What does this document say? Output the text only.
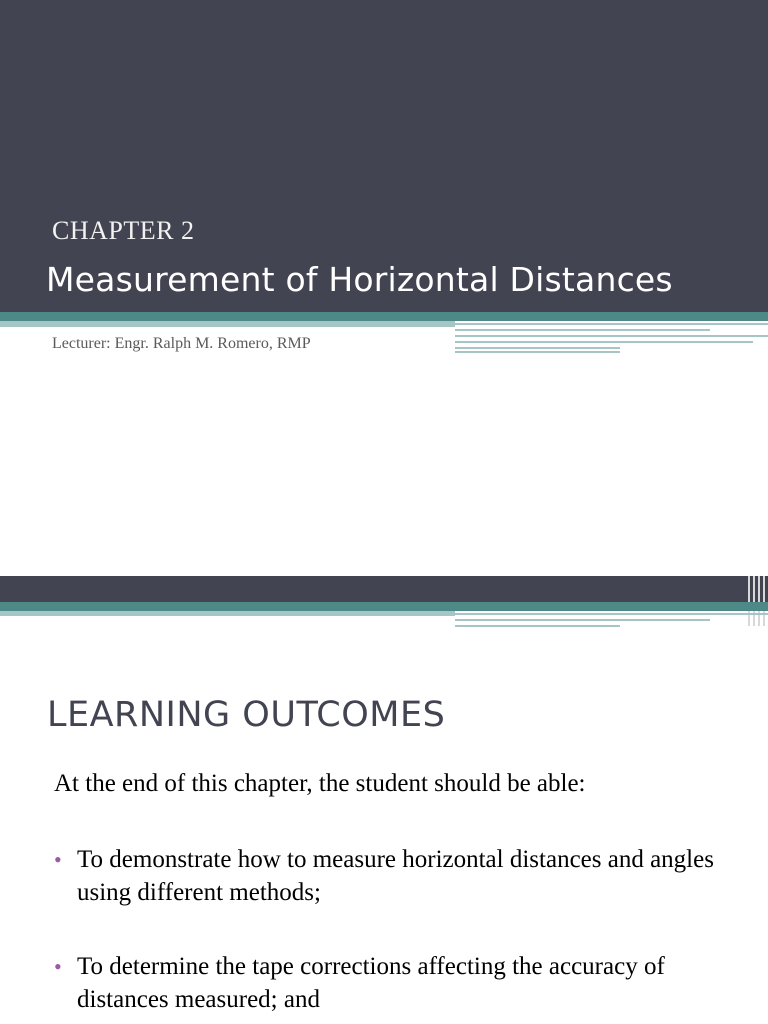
CHAPTER 2
Measurement of Horizontal Distances
Lecturer: Engr. Ralph M. Romero, RMP
LEARNING OUTCOMES
At the end of this chapter, the student should be able:
• To demonstrate how to measure horizontal distances and angles using different methods;
• To determine the tape corrections affecting the accuracy of distances measured; and
